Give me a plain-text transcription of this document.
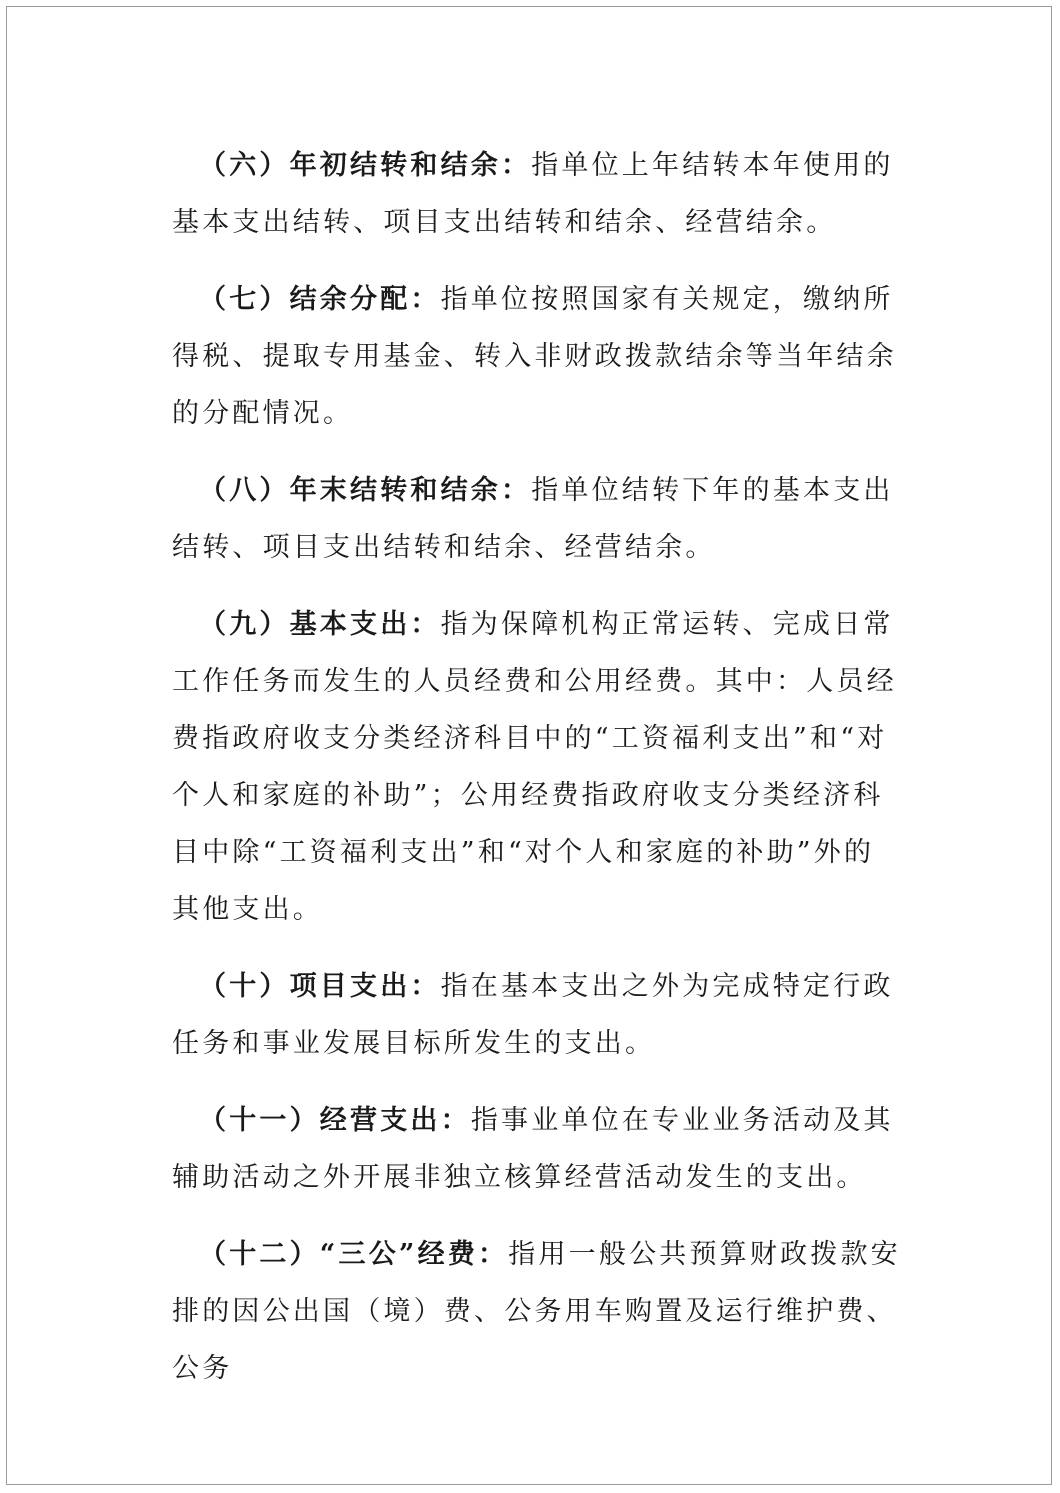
（六）年初结转和结余：指单位上年结转本年使用的基本支出结转、项目支出结转和结余、经营结余。

（七）结余分配：指单位按照国家有关规定，缴纳所得税、提取专用基金、转入非财政拨款结余等当年结余的分配情况。

（八）年末结转和结余：指单位结转下年的基本支出结转、项目支出结转和结余、经营结余。

（九）基本支出：指为保障机构正常运转、完成日常工作任务而发生的人员经费和公用经费。其中：人员经费指政府收支分类经济科目中的“工资福利支出”和“对个人和家庭的补助”；公用经费指政府收支分类经济科目中除“工资福利支出”和“对个人和家庭的补助”外的其他支出。

（十）项目支出：指在基本支出之外为完成特定行政任务和事业发展目标所发生的支出。

（十一）经营支出：指事业单位在专业业务活动及其辅助活动之外开展非独立核算经营活动发生的支出。

（十二）“三公”经费：指用一般公共预算财政拨款安排的因公出国（境）费、公务用车购置及运行维护费、公务
